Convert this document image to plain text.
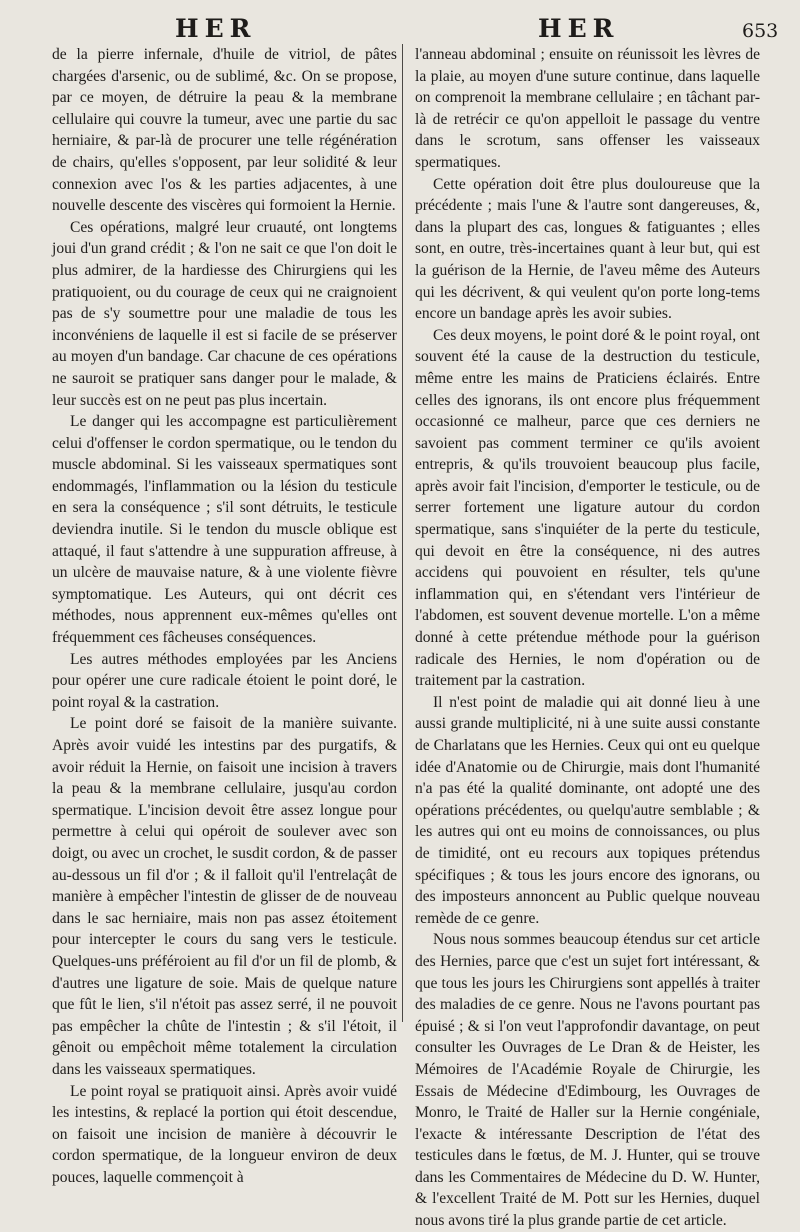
HER	HER	653

de la pierre infernale, d'huile de vitriol, de pâtes chargées d'arsenic, ou de sublimé, &c. On se propose, par ce moyen, de détruire la peau & la membrane cellulaire qui couvre la tumeur, avec une partie du sac herniaire, & par-là de procurer une telle régénération de chairs, qu'elles s'opposent, par leur solidité & leur connexion avec l'os & les parties adjacentes, à une nouvelle descente des viscères qui formoient la Hernie.

Ces opérations, malgré leur cruauté, ont longtems joui d'un grand crédit ; & l'on ne sait ce que l'on doit le plus admirer, de la hardiesse des Chirurgiens qui les pratiquoient, ou du courage de ceux qui ne craignoient pas de s'y soumettre pour une maladie de tous les inconvéniens de laquelle il est si facile de se préserver au moyen d'un bandage. Car chacune de ces opérations ne sauroit se pratiquer sans danger pour le malade, & leur succès est on ne peut pas plus incertain.

Le danger qui les accompagne est particulièrement celui d'offenser le cordon spermatique, ou le tendon du muscle abdominal. Si les vaisseaux spermatiques sont endommagés, l'inflammation ou la lésion du testicule en sera la conséquence ; s'il sont détruits, le testicule deviendra inutile. Si le tendon du muscle oblique est attaqué, il faut s'attendre à une suppuration affreuse, à un ulcère de mauvaise nature, & à une violente fièvre symptomatique. Les Auteurs, qui ont décrit ces méthodes, nous apprennent eux-mêmes qu'elles ont fréquemment ces fâcheuses conséquences.

Les autres méthodes employées par les Anciens pour opérer une cure radicale étoient le point doré, le point royal & la castration.

Le point doré se faisoit de la manière suivante. Après avoir vuidé les intestins par des purgatifs, & avoir réduit la Hernie, on faisoit une incision à travers la peau & la membrane cellulaire, jusqu'au cordon spermatique. L'incision devoit être assez longue pour permettre à celui qui opéroit de soulever avec son doigt, ou avec un crochet, le susdit cordon, & de passer au-dessous un fil d'or ; & il falloit qu'il l'entrelaçât de manière à empêcher l'intestin de glisser de de nouveau dans le sac herniaire, mais non pas assez étoitement pour intercepter le cours du sang vers le testicule. Quelques-uns préféroient au fil d'or un fil de plomb, & d'autres une ligature de soie. Mais de quelque nature que fût le lien, s'il n'étoit pas assez serré, il ne pouvoit pas empêcher la chûte de l'intestin ; & s'il l'étoit, il gênoit ou empêchoit même totalement la circulation dans les vaisseaux spermatiques.

Le point royal se pratiquoit ainsi. Après avoir vuidé les intestins, & replacé la portion qui étoit descendue, on faisoit une incision de manière à découvrir le cordon spermatique, de la longueur environ de deux pouces, laquelle commençoit à

l'anneau abdominal ; ensuite on réunissoit les lèvres de la plaie, au moyen d'une suture continue, dans laquelle on comprenoit la membrane cellulaire ; en tâchant par-là de retrécir ce qu'on appelloit le passage du ventre dans le scrotum, sans offenser les vaisseaux spermatiques.

Cette opération doit être plus douloureuse que la précédente ; mais l'une & l'autre sont dangereuses, &, dans la plupart des cas, longues & fatiguantes ; elles sont, en outre, très-incertaines quant à leur but, qui est la guérison de la Hernie, de l'aveu même des Auteurs qui les décrivent, & qui veulent qu'on porte long-tems encore un bandage après les avoir subies.

Ces deux moyens, le point doré & le point royal, ont souvent été la cause de la destruction du testicule, même entre les mains de Praticiens éclairés. Entre celles des ignorans, ils ont encore plus fréquemment occasionné ce malheur, parce que ces derniers ne savoient pas comment terminer ce qu'ils avoient entrepris, & qu'ils trouvoient beaucoup plus facile, après avoir fait l'incision, d'emporter le testicule, ou de serrer fortement une ligature autour du cordon spermatique, sans s'inquiéter de la perte du testicule, qui devoit en être la conséquence, ni des autres accidens qui pouvoient en résulter, tels qu'une inflammation qui, en s'étendant vers l'intérieur de l'abdomen, est souvent devenue mortelle. L'on a même donné à cette prétendue méthode pour la guérison radicale des Hernies, le nom d'opération ou de traitement par la castration.

Il n'est point de maladie qui ait donné lieu à une aussi grande multiplicité, ni à une suite aussi constante de Charlatans que les Hernies. Ceux qui ont eu quelque idée d'Anatomie ou de Chirurgie, mais dont l'humanité n'a pas été la qualité dominante, ont adopté une des opérations précédentes, ou quelqu'autre semblable ; & les autres qui ont eu moins de connoissances, ou plus de timidité, ont eu recours aux topiques prétendus spécifiques ; & tous les jours encore des ignorans, ou des imposteurs annoncent au Public quelque nouveau remède de ce genre.

Nous nous sommes beaucoup étendus sur cet article des Hernies, parce que c'est un sujet fort intéressant, & que tous les jours les Chirurgiens sont appellés à traiter des maladies de ce genre. Nous ne l'avons pourtant pas épuisé ; & si l'on veut l'approfondir davantage, on peut consulter les Ouvrages de Le Dran & de Heister, les Mémoires de l'Académie Royale de Chirurgie, les Essais de Médecine d'Edimbourg, les Ouvrages de Monro, le Traité de Haller sur la Hernie congéniale, l'exacte & intéressante Description de l'état des testicules dans le fœtus, de M. J. Hunter, qui se trouve dans les Commentaires de Médecine du D. W. Hunter, & l'excellent Traité de M. Pott sur les Hernies, duquel nous avons tiré la plus grande partie de cet article.
